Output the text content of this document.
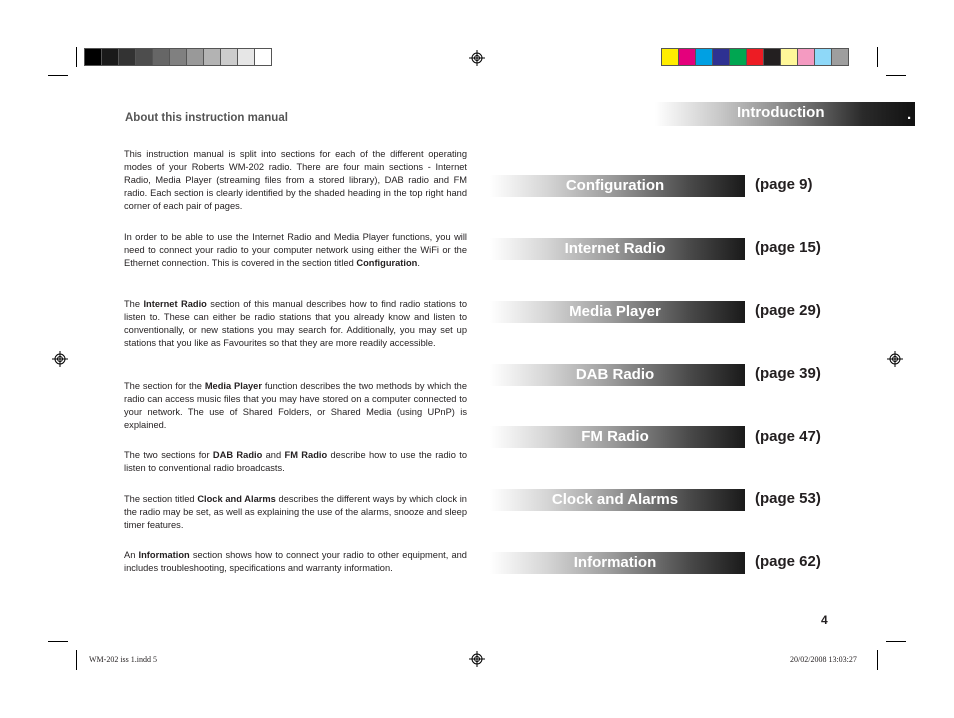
Introduction	.
About this instruction manual
This instruction manual is split into sections for each of the different operating modes of your Roberts WM-202 radio. There are four main sections - Internet Radio, Media Player (streaming files from a stored library), DAB radio and FM radio. Each section is clearly identified by the shaded heading in the top right hand corner of each pair of pages.
In order to be able to use the Internet Radio and Media Player functions, you will need to connect your radio to your computer network using either the WiFi or the Ethernet connection. This is covered in the section titled Configuration.
The Internet Radio section of this manual describes how to find radio stations to listen to. These can either be radio stations that you already know and listen to conventionally, or new stations you may search for. Additionally, you may set up stations that you like as Favourites so that they are more readily accessible.
The section for the Media Player function describes the two methods by which the radio can access music files that you may have stored on a computer connected to your network. The use of Shared Folders, or Shared Media (using UPnP) is explained.
The two sections for DAB Radio and FM Radio describe how to use the radio to listen to conventional radio broadcasts.
The section titled Clock and Alarms describes the different ways by which clock in the radio may be set, as well as explaining the use of the alarms, snooze and sleep timer features.
An Information section shows how to connect your radio to other equipment, and includes troubleshooting, specifications and warranty information.
Configuration	(page 9)
Internet Radio	(page 15)
Media Player	(page 29)
DAB Radio	(page 39)
FM Radio	(page 47)
Clock and Alarms	(page 53)
Information	(page 62)
4
WM-202 iss 1.indd 5	20/02/2008 13:03:27
